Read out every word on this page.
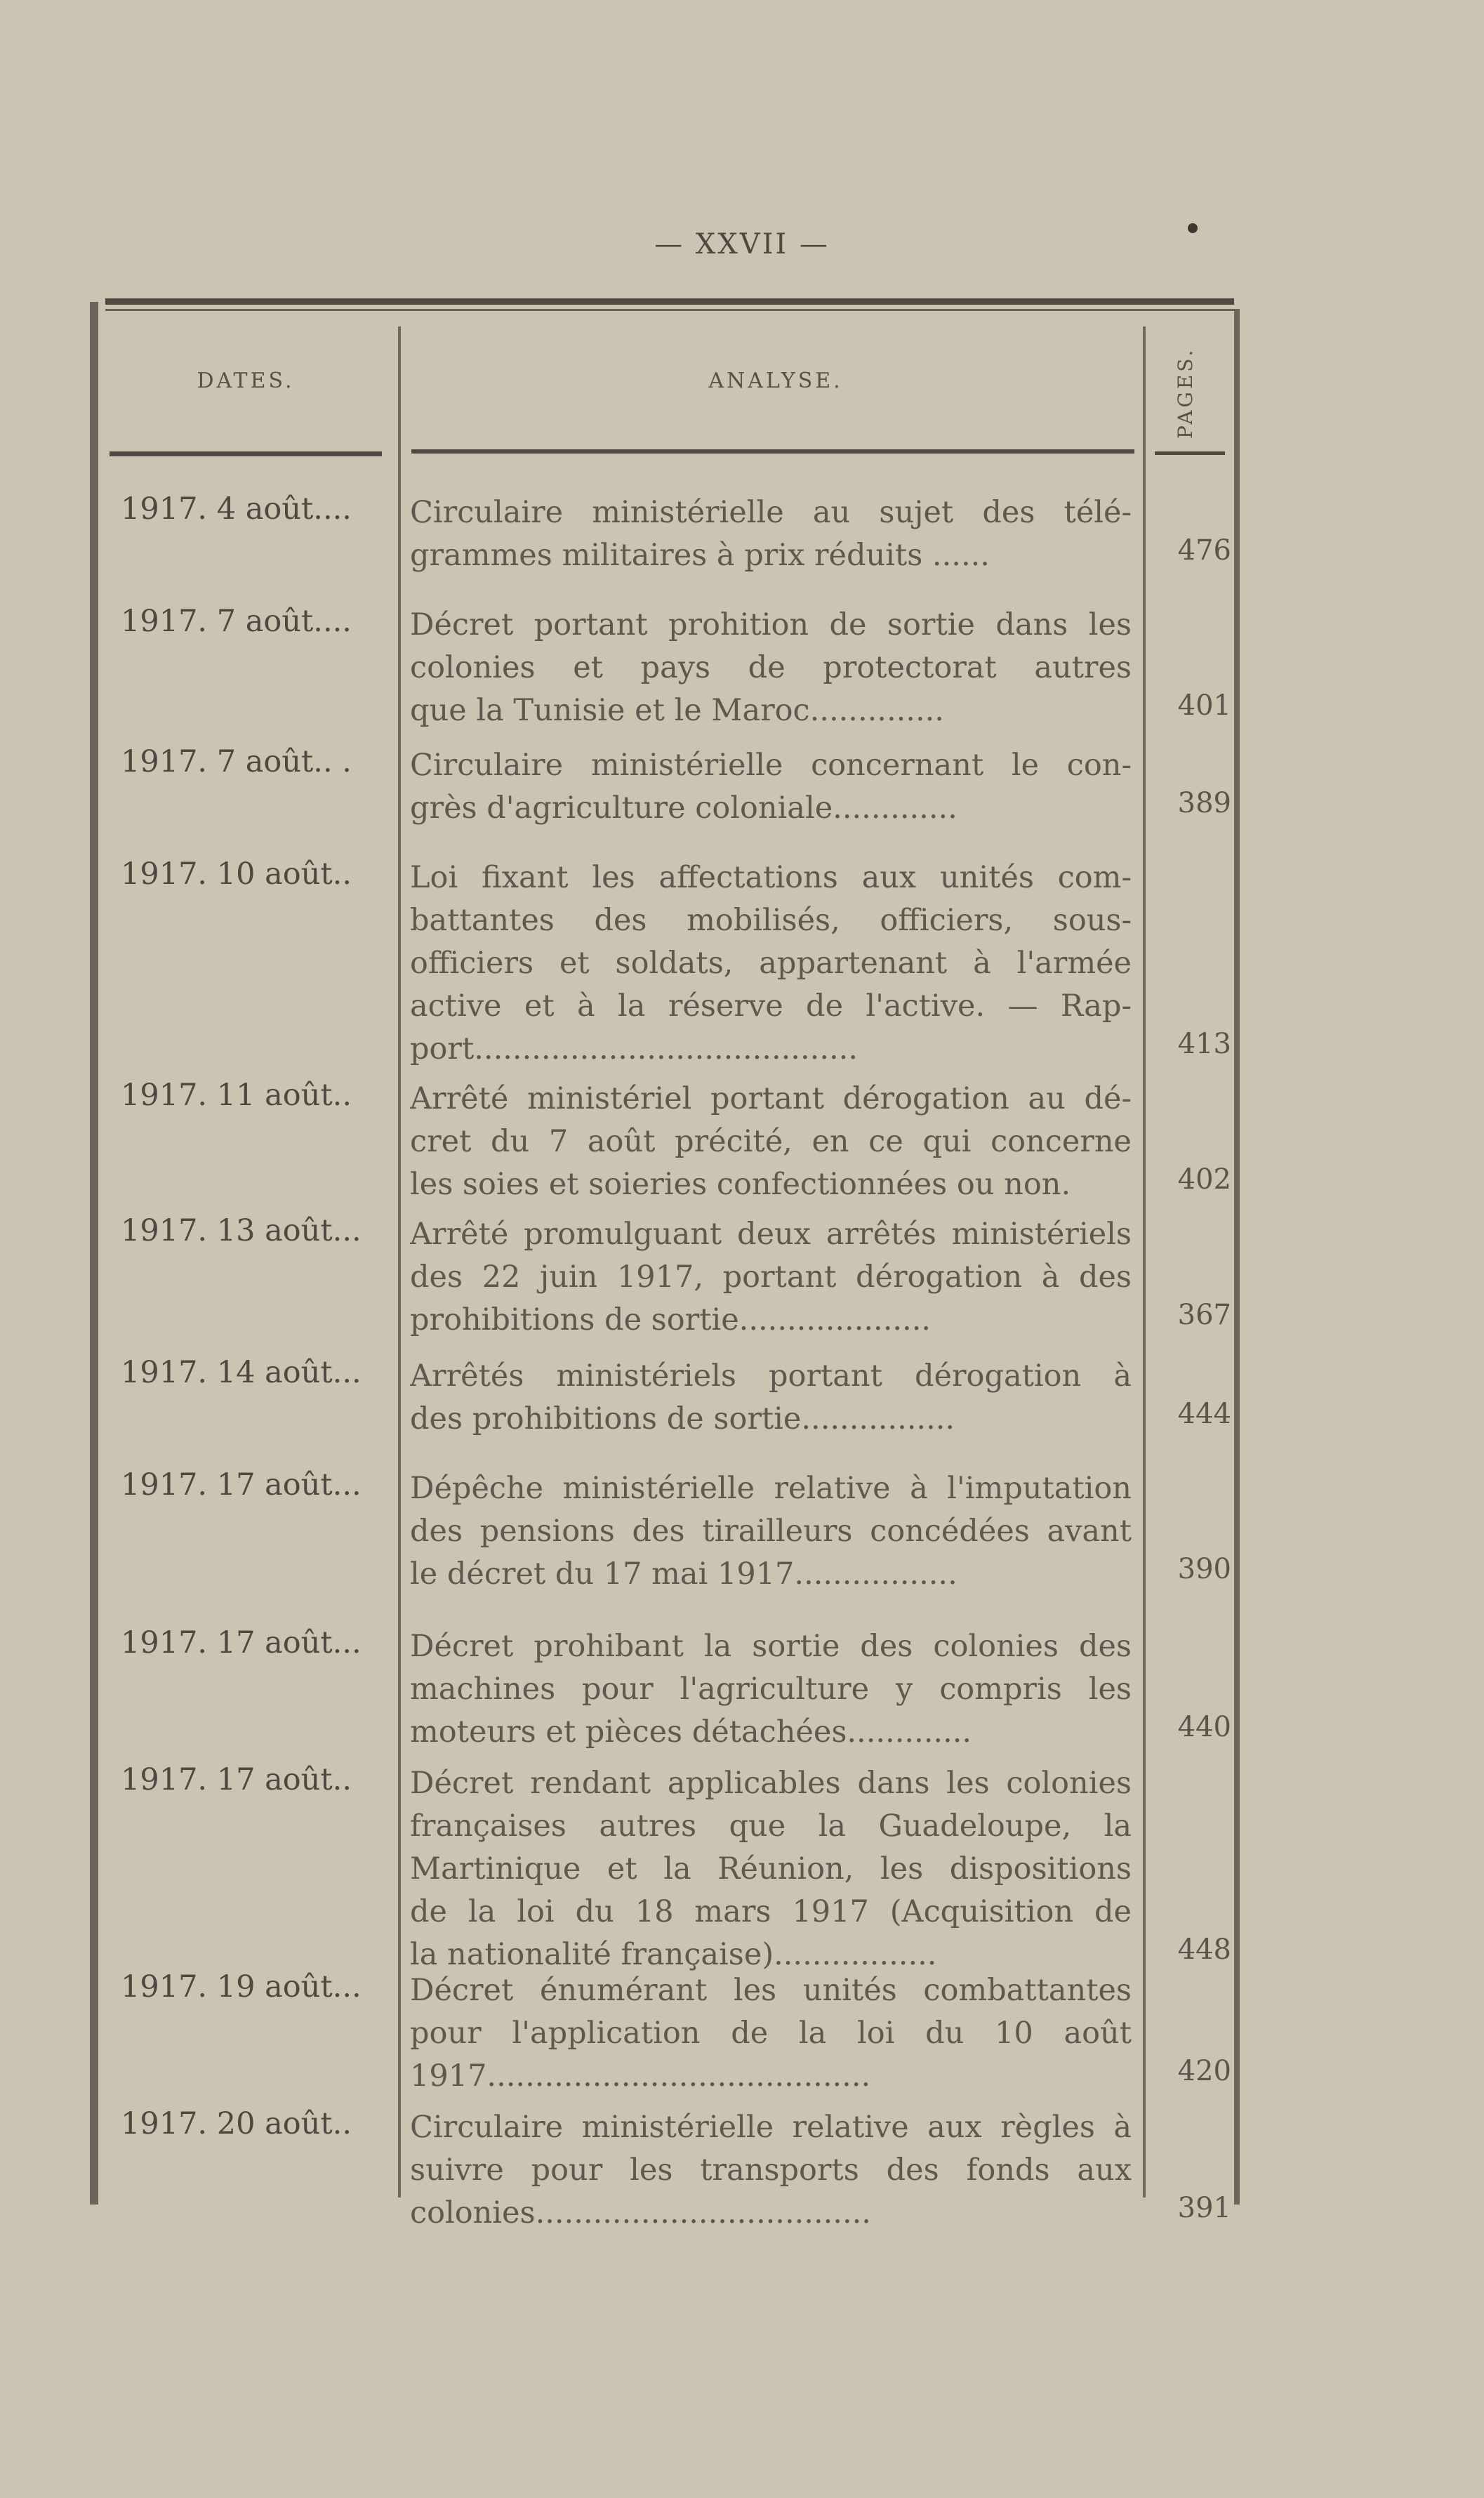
— XXVII —
DATES.	ANALYSE.	PAGES.
1917. 4 août....	Circulaire ministérielle au sujet des télé-
grammes militaires à prix réduits ......	476
1917. 7 août....	Décret portant prohition de sortie dans les
colonies et pays de protectorat autres
que la Tunisie et le Maroc..............	401
1917. 7 août.. .	Circulaire ministérielle concernant le con-
grès d'agriculture coloniale.............	389
1917. 10 août..	Loi fixant les affectations aux unités com-
battantes des mobilisés, officiers, sous-
officiers et soldats, appartenant à l'armée
active et à la réserve de l'active. — Rap-
port........................................	413
1917. 11 août..	Arrêté ministériel portant dérogation au dé-
cret du 7 août précité, en ce qui concerne
les soies et soieries confectionnées ou non.	402
1917. 13 août...	Arrêté promulguant deux arrêtés ministériels
des 22 juin 1917, portant dérogation à des
prohibitions de sortie....................	367
1917. 14 août...	Arrêtés ministériels portant dérogation à
des prohibitions de sortie................	444
1917. 17 août...	Dépêche ministérielle relative à l'imputation
des pensions des tirailleurs concédées avant
le décret du 17 mai 1917.................	390
1917. 17 août...	Décret prohibant la sortie des colonies des
machines pour l'agriculture y compris les
moteurs et pièces détachées.............	440
1917. 17 août..	Décret rendant applicables dans les colonies
françaises autres que la Guadeloupe, la
Martinique et la Réunion, les dispositions
de la loi du 18 mars 1917 (Acquisition de
la nationalité française).................	448
1917. 19 août...	Décret énumérant les unités combattantes
pour l'application de la loi du 10 août
1917........................................	420
1917. 20 août..	Circulaire ministérielle relative aux règles à
suivre pour les transports des fonds aux
colonies...................................	391
